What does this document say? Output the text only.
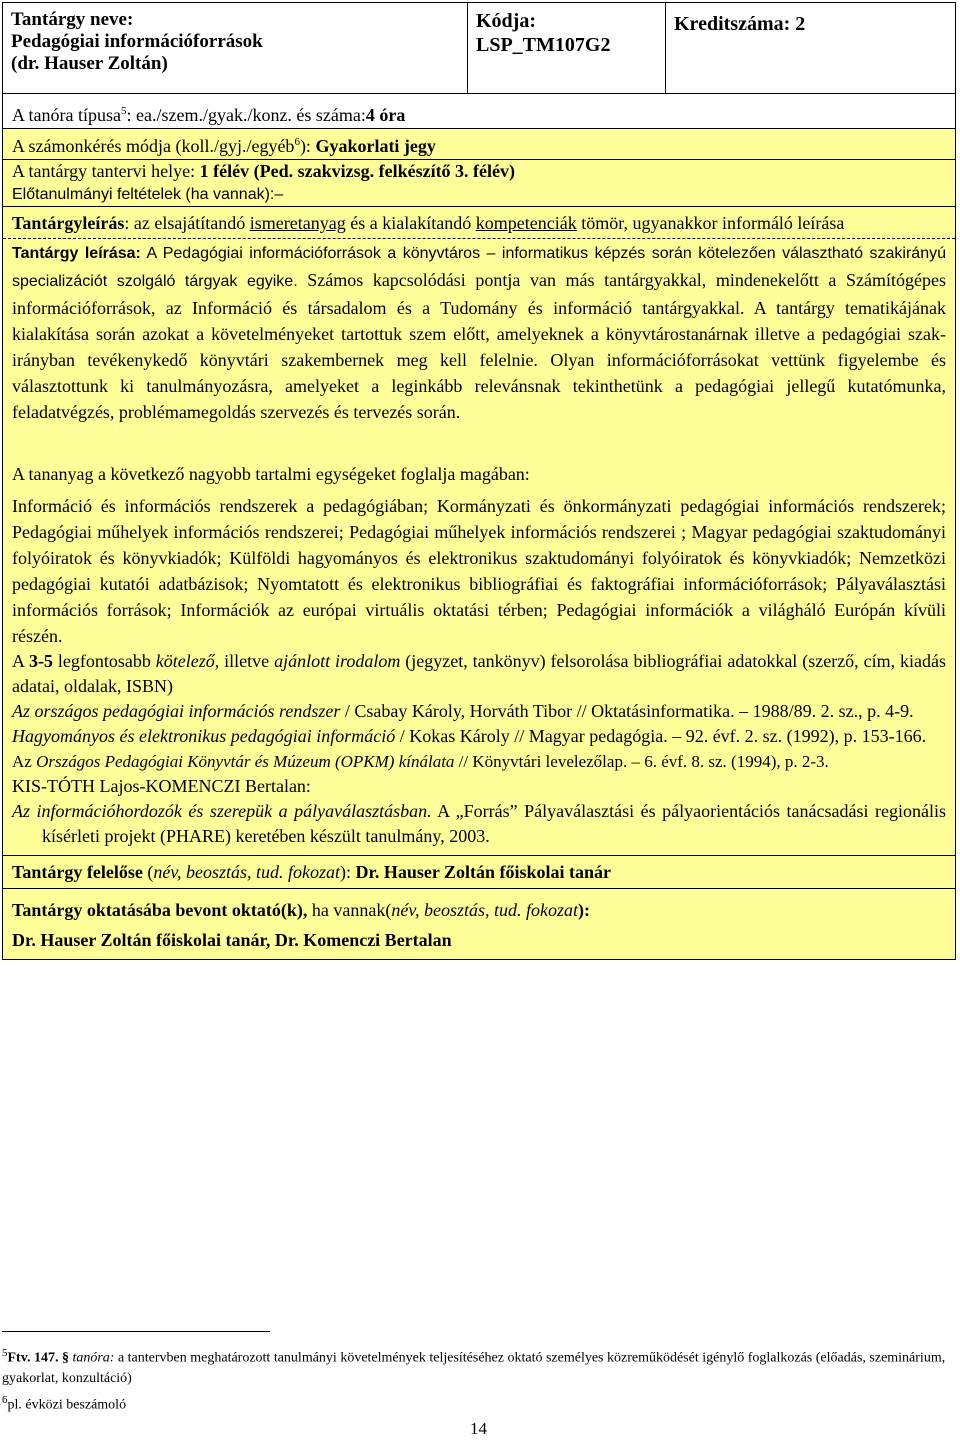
Tantárgy neve:
Pedagógiai információforrások
(dr. Hauser Zoltán)
Kódja:
LSP_TM107G2
Kreditszáma: 2
A tanóra típusa$^5$: ea./szem./gyak./konz. és száma:4 óra
A számonkérés módja (koll./gyj./egyéb$^6$): Gyakorlati jegy
A tantárgy tantervi helye: 1 félév (Ped. szakvizsg. felkészítő 3. félév)
Előtanulmányi feltételek (ha vannak):–
Tantárgyleírás: az elsajátítandó ismeretanyag és a kialakítandó kompetenciák tömör, ugyanakkor informáló leírása
Tantárgy leírása: A Pedagógiai információforrások a könyvtáros – informatikus képzés során kötelezően választható szakirányú specializációt szolgáló tárgyak egyike. Számos kapcsolódási pontja van más tantárgyakkal, mindenekelőtt a Számítógépes információforrások, az Információ és társadalom és a Tudomány és információ tantárgyakkal. A tantárgy tematikájának kialakítása során azokat a követelményeket tartottuk szem előtt, amelyeknek a könyvtárostanárnak illetve a pedagógiai szak-irányban tevékenykedő könyvtári szakembernek meg kell felelnie. Olyan információforrásokat vettünk figyelembe és választottunk ki tanulmányozásra, amelyeket a leginkább relevánsnak tekinthetünk a pedagógiai jellegű kutatómunka, feladatvégzés, problémamegoldás szervezés és tervezés során.

A tananyag a következő nagyobb tartalmi egységeket foglalja magában:

Információ és információs rendszerek a pedagógiában; Kormányzati és önkormányzati pedagógiai információs rendszerek; Pedagógiai műhelyek információs rendszerei; Pedagógiai műhelyek információs rendszerei ; Magyar pedagógiai szaktudományi folyóiratok és könyvkiadók; Külföldi hagyományos és elektronikus szaktudományi folyóiratok és könyvkiadók; Nemzetközi pedagógiai kutatói adatbázisok; Nyomtatott és elektronikus bibliográfiai és faktográfiai információforrások; Pályaválasztási információs források; Információk az európai virtuális oktatási térben; Pedagógiai információk a világháló Európán kívüli részén.

A 3-5 legfontosabb kötelező, illetve ajánlott irodalom (jegyzet, tankönyv) felsorolása bibliográfiai adatokkal (szerző, cím, kiadás adatai, oldalak, ISBN)

Az országos pedagógiai információs rendszer / Csabay Károly, Horváth Tibor // Oktatásinformatika. – 1988/89. 2. sz., p. 4-9.

Hagyományos és elektronikus pedagógiai információ / Kokas Károly // Magyar pedagógia. – 92. évf. 2. sz. (1992), p. 153-166.

Az Országos Pedagógiai Könyvtár és Múzeum (OPKM) kínálata // Könyvtári levelezőlap. – 6. évf. 8. sz. (1994), p. 2-3.

KIS-TÓTH Lajos-KOMENCZI Bertalan:

Az információhordozók és szerepük a pályaválasztásban. A „Forrás” Pályaválasztási és pályaorientációs tanácsadási regionális kísérleti projekt (PHARE) keretében készült tanulmány, 2003.

Tantárgy felelőse (név, beosztás, tud. fokozat): Dr. Hauser Zoltán főiskolai tanár
Tantárgy oktatásába bevont oktató(k), ha vannak(név, beosztás, tud. fokozat):
Dr. Hauser Zoltán főiskolai tanár, Dr. Komenczi Bertalan
$^5$Ftv. 147. § tanóra: a tantervben meghatározott tanulmányi követelmények teljesítéséhez oktató személyes közreműködését igénylő foglalkozás (előadás, szeminárium, gyakorlat, konzultáció)
$^6$pl. évközi beszámoló
14
